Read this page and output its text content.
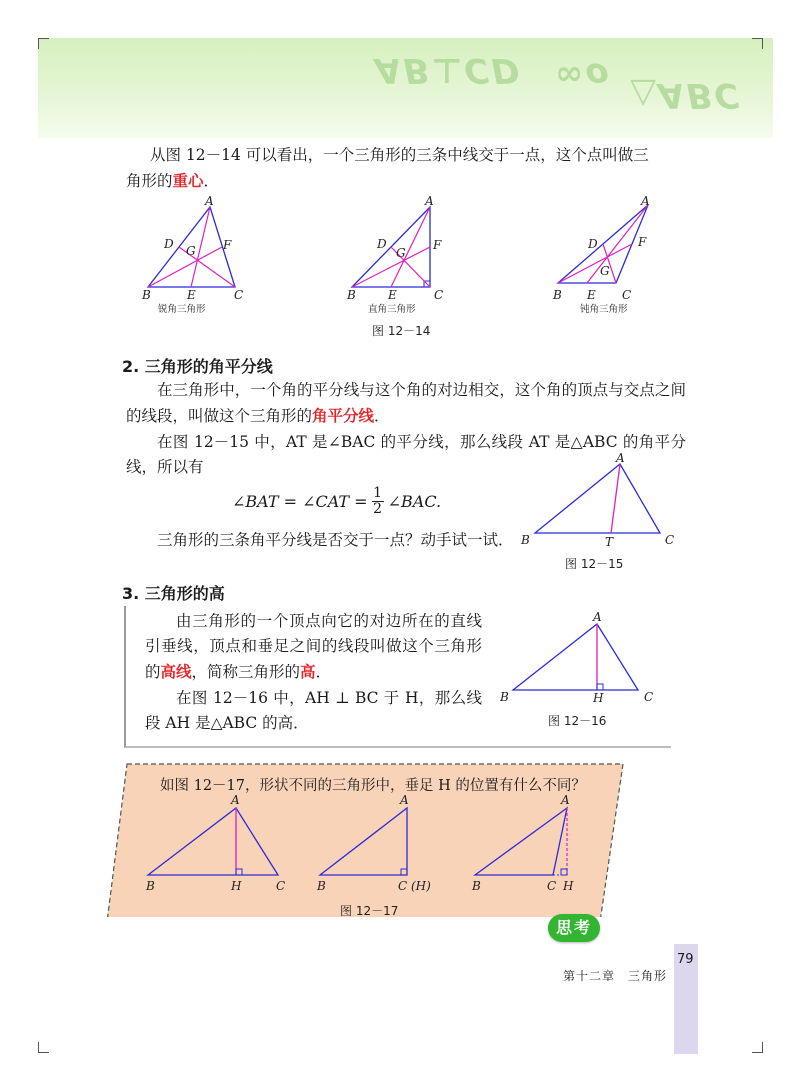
AB⊥CD ∞o △ABC
从图 12－14 可以看出，一个三角形的三条中线交于一点，这个点叫做三
角形的重心．
A
B	C
D	F
G
E
锐角三角形
A
B	C
D	F
G
E
直角三角形
A
B	C
D	F
G
E
钝角三角形
图 12－14
2. 三角形的角平分线
在三角形中，一个角的平分线与这个角的对边相交，这个角的顶点与交点之间的线段，叫做这个三角形的角平分线．
在图 12－15 中，AT 是∠BAC 的平分线，那么线段 AT 是△ABC 的角平分线，所以有
∠BAT = ∠CAT = $\frac{1}{2}$ ∠BAC.
三角形的三条角平分线是否交于一点？动手试一试．
A
B	C
T
图 12－15
3. 三角形的高
由三角形的一个顶点向它的对边所在的直线引垂线，顶点和垂足之间的线段叫做这个三角形的高线，简称三角形的高．
在图 12－16 中，AH ⊥ BC 于 H，那么线段 AH 是△ABC 的高．
A
B	C
H
图 12－16
如图 12－17，形状不同的三角形中，垂足 H 的位置有什么不同？
A
B	C
H
A
B	C (H)
A
B	C H
图 12－17
思考
79
第十二章　三角形
